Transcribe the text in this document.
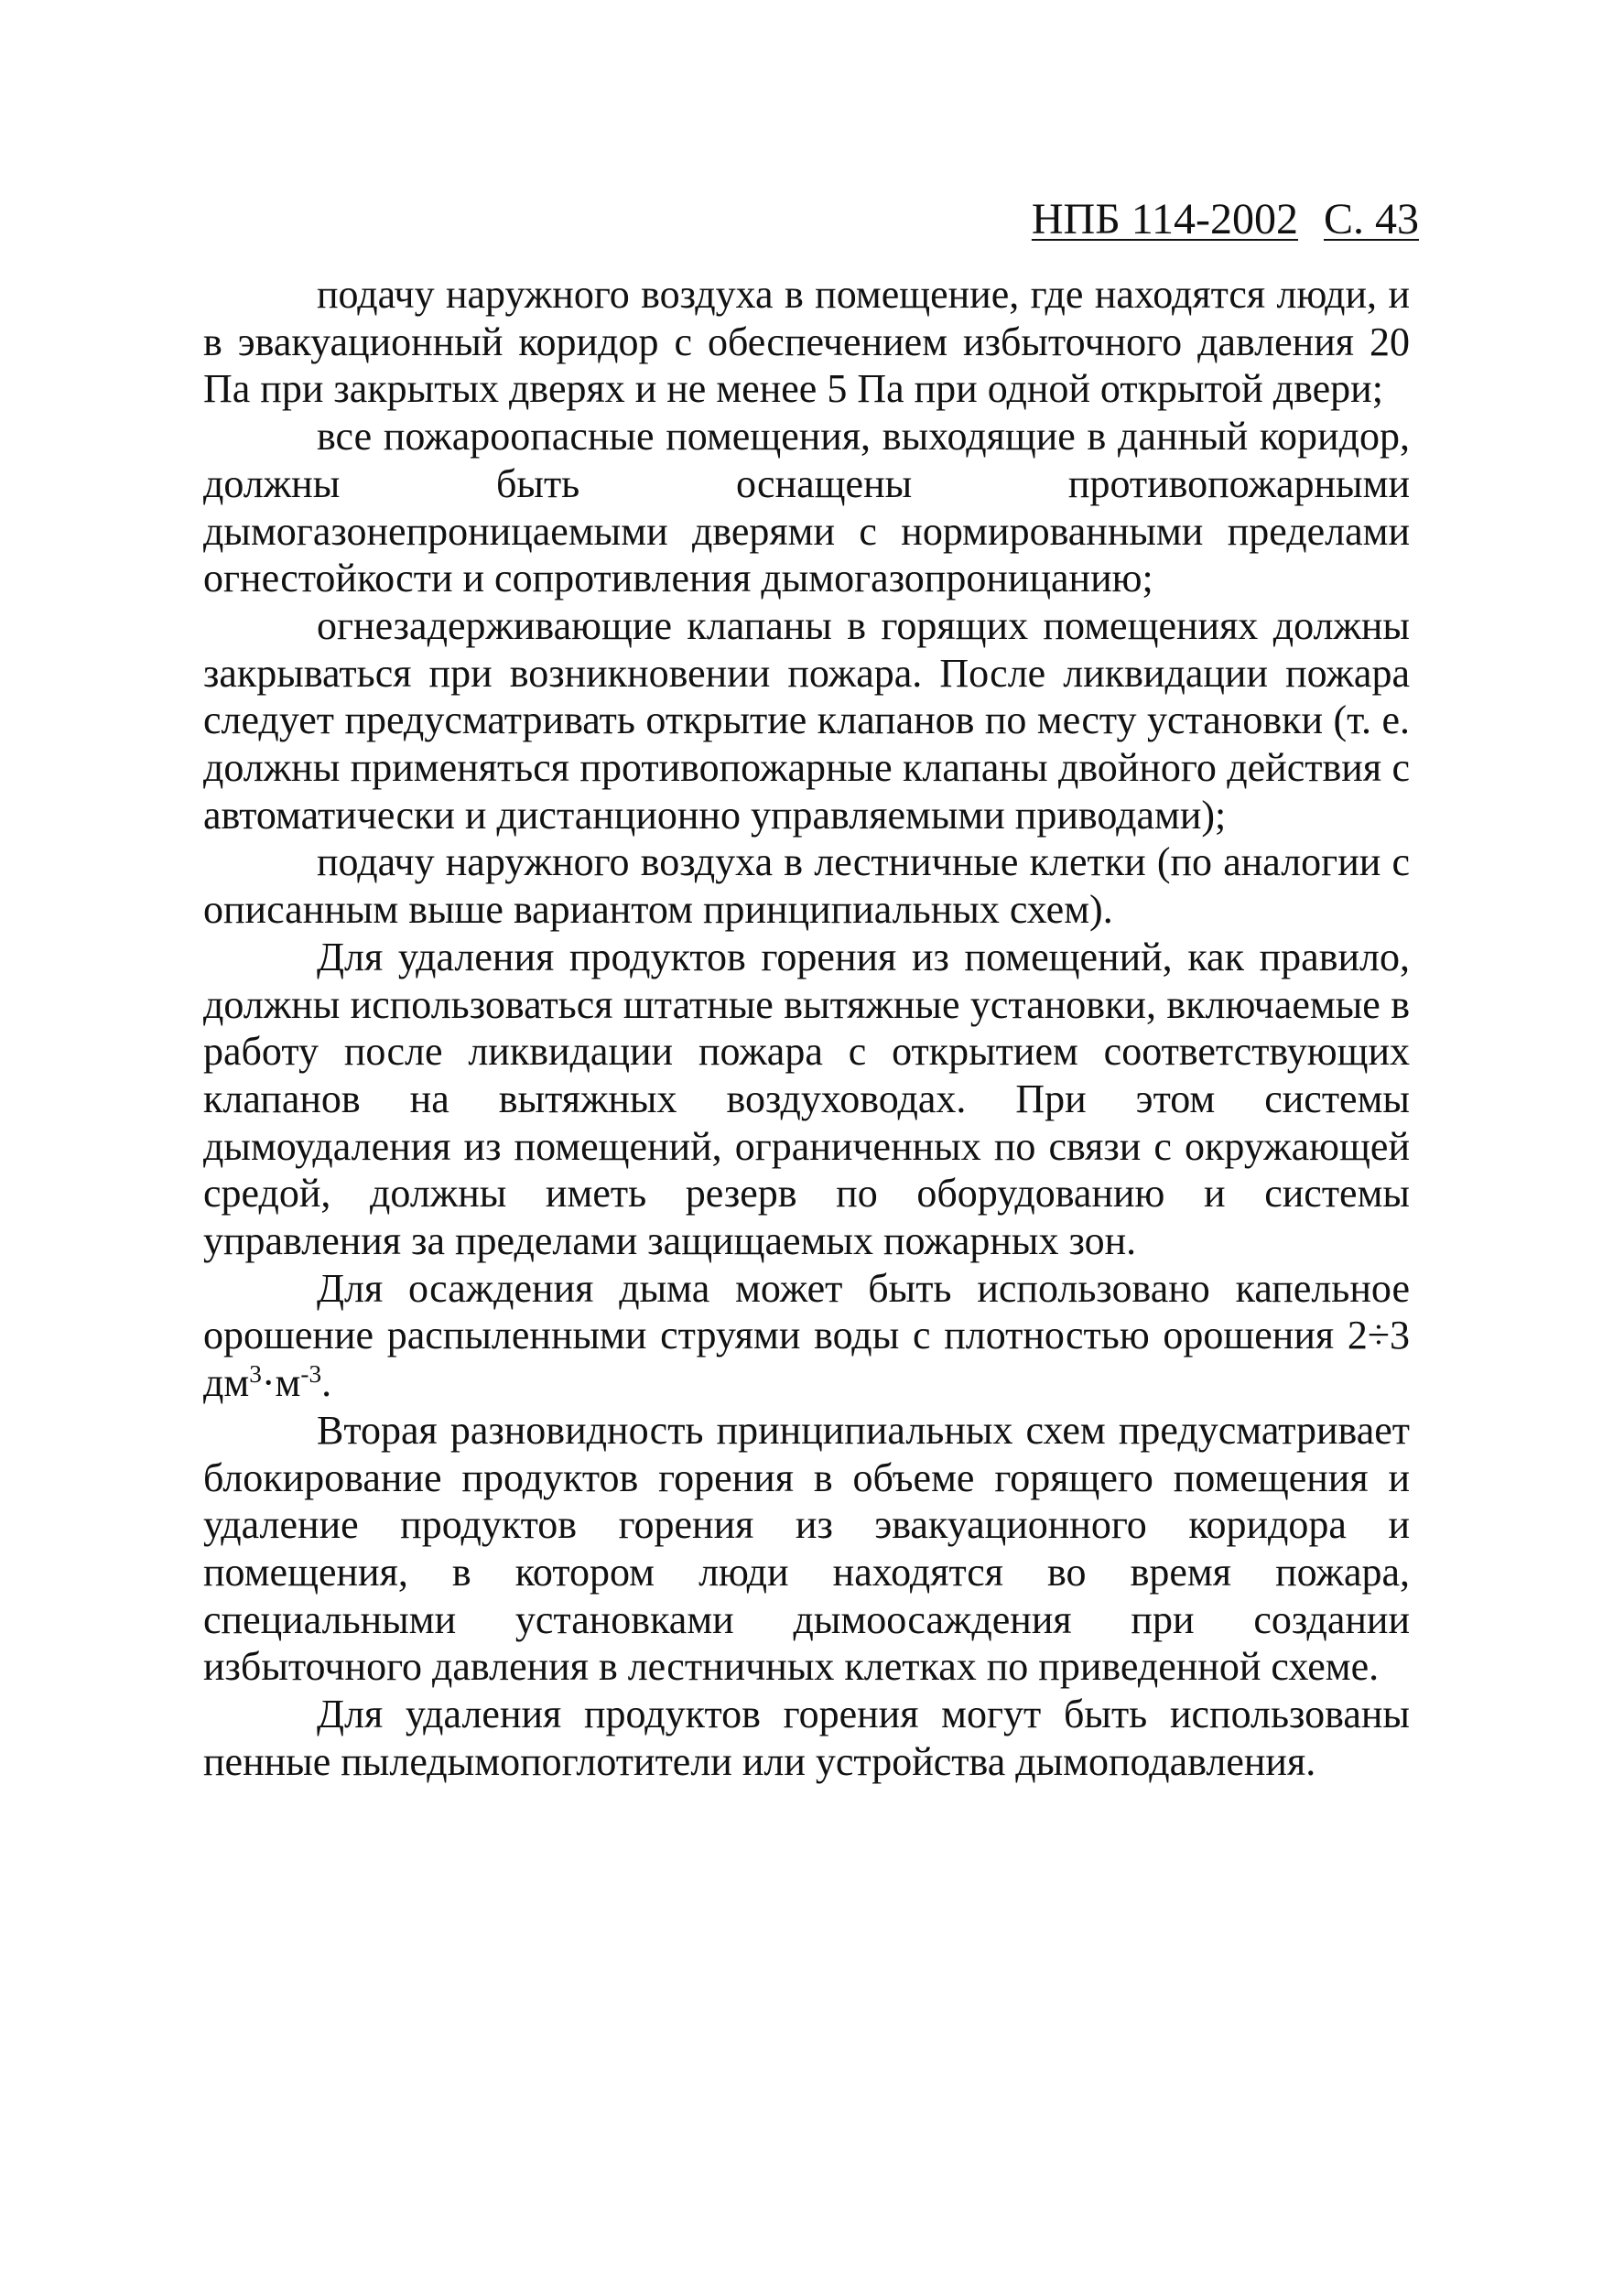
НПБ 114-2002 С. 43

подачу наружного воздуха в помещение, где находятся люди, и в эвакуационный коридор с обеспечением избыточного давления 20 Па при закрытых дверях и не менее 5 Па при одной открытой двери;

все пожароопасные помещения, выходящие в данный коридор, должны быть оснащены противопожарными дымогазонепроницаемыми дверями с нормированными пределами огнестойкости и сопротивления дымогазопроницанию;

огнезадерживающие клапаны в горящих помещениях должны закрываться при возникновении пожара. После ликвидации пожара следует предусматривать открытие клапанов по месту установки (т. е. должны применяться противопожарные клапаны двойного действия с автоматически и дистанционно управляемыми приводами);

подачу наружного воздуха в лестничные клетки (по аналогии с описанным выше вариантом принципиальных схем).

Для удаления продуктов горения из помещений, как правило, должны использоваться штатные вытяжные установки, включаемые в работу после ликвидации пожара с открытием соответствующих клапанов на вытяжных воздуховодах. При этом системы дымоудаления из помещений, ограниченных по связи с окружающей средой, должны иметь резерв по оборудованию и системы управления за пределами защищаемых пожарных зон.

Для осаждения дыма может быть использовано капельное орошение распыленными струями воды с плотностью орошения 2÷3 $дм^3\cdot м^{-3}$.

Вторая разновидность принципиальных схем предусматривает блокирование продуктов горения в объеме горящего помещения и удаление продуктов горения из эвакуационного коридора и помещения, в котором люди находятся во время пожара, специальными установками дымоосаждения при создании избыточного давления в лестничных клетках по приведенной схеме.

Для удаления продуктов горения могут быть использованы пенные пыледымопоглотители или устройства дымоподавления.
